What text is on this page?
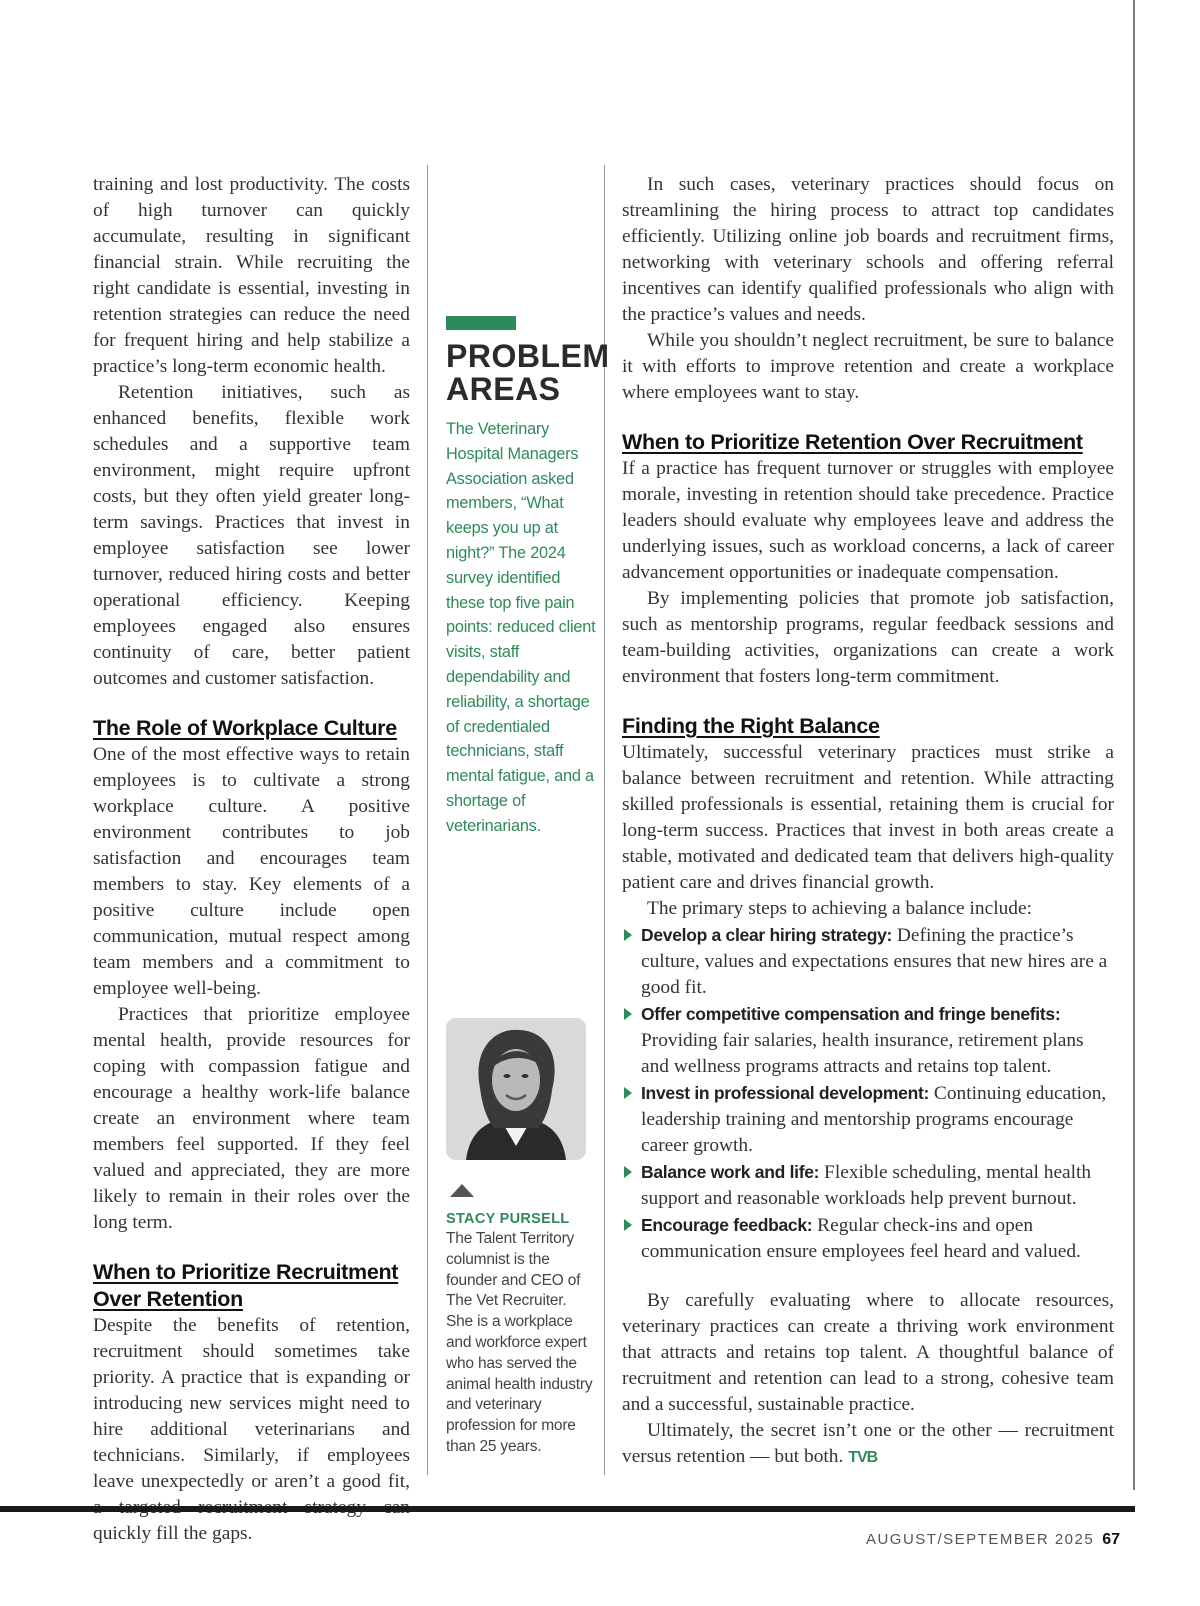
training and lost productivity. The costs of high turnover can quickly accumulate, resulting in significant financial strain. While recruiting the right candidate is essential, investing in retention strategies can reduce the need for frequent hiring and help stabilize a practice’s long-term economic health.

Retention initiatives, such as enhanced benefits, flexible work schedules and a supportive team environment, might require upfront costs, but they often yield greater long-term savings. Practices that invest in employee satisfaction see lower turnover, reduced hiring costs and better operational efficiency. Keeping employees engaged also ensures continuity of care, better patient outcomes and customer satisfaction.

The Role of Workplace Culture

One of the most effective ways to retain employees is to cultivate a strong workplace culture. A positive environment contributes to job satisfaction and encourages team members to stay. Key elements of a positive culture include open communication, mutual respect among team members and a commitment to employee well-being.

Practices that prioritize employee mental health, provide resources for coping with compassion fatigue and encourage a healthy work-life balance create an environment where team members feel supported. If they feel valued and appreciated, they are more likely to remain in their roles over the long term.

When to Prioritize Recruitment Over Retention

Despite the benefits of retention, recruitment should sometimes take priority. A practice that is expanding or introducing new services might need to hire additional veterinarians and technicians. Similarly, if employees leave unexpectedly or aren’t a good fit, quickly fill the gaps.

PROBLEM AREAS
The Veterinary Hospital Managers Association asked members, “What keeps you up at night?” The 2024 survey identified these top five pain points: reduced client visits, staff dependability and reliability, a shortage of credentialed technicians, staff mental fatigue, and a shortage of veterinarians.
STACY PURSELL
The Talent Territory columnist is the founder and CEO of The Vet Recruiter. She is a workplace and workforce expert who has served the animal health industry and veterinary profession for more than 25 years.

In such cases, veterinary practices should focus on streamlining the hiring process to attract top candidates efficiently. Utilizing online job boards and recruitment firms, networking with veterinary schools and offering referral incentives can identify qualified professionals who align with the practice’s values and needs.

While you shouldn’t neglect recruitment, be sure to balance it with efforts to improve retention and create a workplace where employees want to stay.

When to Prioritize Retention Over Recruitment

If a practice has frequent turnover or struggles with employee morale, investing in retention should take precedence. Practice leaders should evaluate why employees leave and address the underlying issues, such as workload concerns, a lack of career advancement opportunities or inadequate compensation.

By implementing policies that promote job satisfaction, such as mentorship programs, regular feedback sessions and team-building activities, organizations can create a work environment that fosters long-term commitment.

Finding the Right Balance

Ultimately, successful veterinary practices must strike a balance between recruitment and retention. While attracting skilled professionals is essential, retaining them is crucial for long-term success. Practices that invest in both areas create a stable, motivated and dedicated team that delivers high-quality patient care and drives financial growth.

The primary steps to achieving a balance include:

Develop a clear hiring strategy: Defining the practice’s culture, values and expectations ensures that new hires are a good fit.
Offer competitive compensation and fringe benefits: Providing fair salaries, health insurance, retirement plans and wellness programs attracts and retains top talent.
Invest in professional development: Continuing education, leadership training and mentorship programs encourage career growth.
Balance work and life: Flexible scheduling, mental health support and reasonable workloads help prevent burnout.
Encourage feedback: Regular check-ins and open communication ensure employees feel heard and valued.

By carefully evaluating where to allocate resources, veterinary practices can create a thriving work environment that attracts and retains top talent. A thoughtful balance of recruitment and retention can lead to a strong, cohesive team and a successful, sustainable practice.

Ultimately, the secret isn’t one or the other — recruitment versus retention — but both. TVB

AUGUST/SEPTEMBER 2025 67
